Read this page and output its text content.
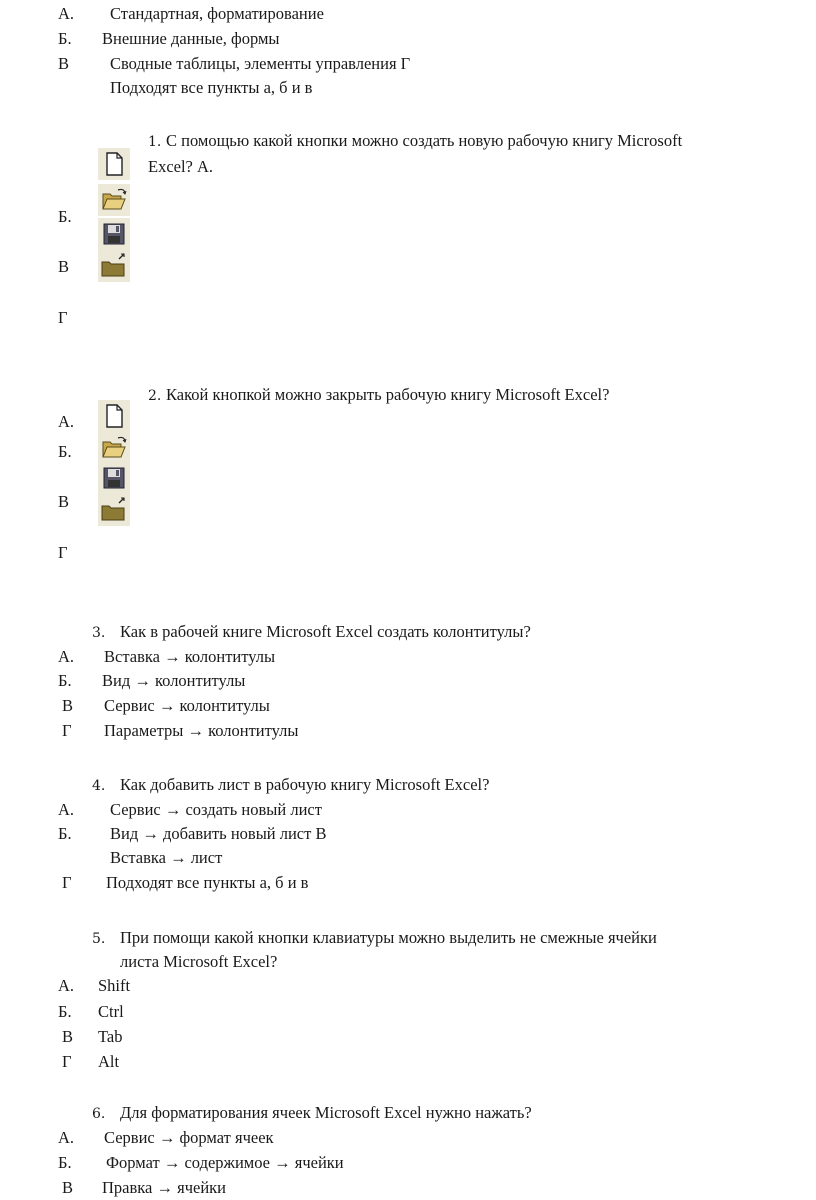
А. Стандартная, форматирование
Б. Внешние данные, формы
В Сводные таблицы, элементы управления Г
Подходят все пункты а, б и в
1. С помощью какой кнопки можно создать новую рабочую книгу Microsoft
Excel? А.
Б.
В
Г
2. Какой кнопкой можно закрыть рабочую книгу Microsoft Excel?
А.
Б.
В
Г
3. Как в рабочей книге Microsoft Excel создать колонтитулы?
А. Вставка → колонтитулы
Б. Вид → колонтитулы
В Сервис → колонтитулы
Г Параметры → колонтитулы
4. Как добавить лист в рабочую книгу Microsoft Excel?
А. Сервис → создать новый лист
Б. Вид → добавить новый лист В
Вставка → лист
Г Подходят все пункты а, б и в
5. При помощи какой кнопки клавиатуры можно выделить не смежные ячейки
листа Microsoft Excel?
А. Shift
Б. Ctrl
В Tab
Г Alt
6. Для форматирования ячеек Microsoft Excel нужно нажать?
А. Сервис → формат ячеек
Б. Формат → содержимое → ячейки
В Правка → ячейки
